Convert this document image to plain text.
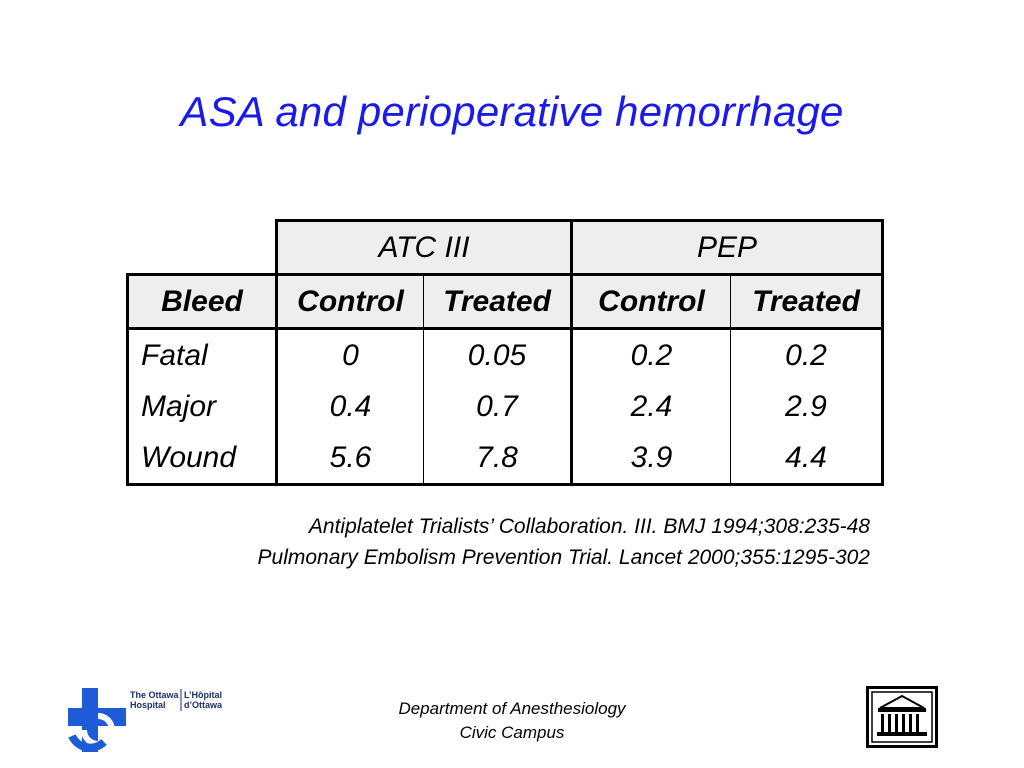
ASA and perioperative hemorrhage
	ATC III		PEP	
Bleed	Control	Treated	Control	Treated
Fatal	0	0.05	0.2	0.2
Major	0.4	0.7	2.4	2.9
Wound	5.6	7.8	3.9	4.4
Antiplatelet Trialists’ Collaboration. III. BMJ 1994;308:235-48
Pulmonary Embolism Prevention Trial. Lancet 2000;355:1295-302
The Ottawa
Hospital
L’Hôpital
d’Ottawa	Department of Anesthesiology
Civic Campus
